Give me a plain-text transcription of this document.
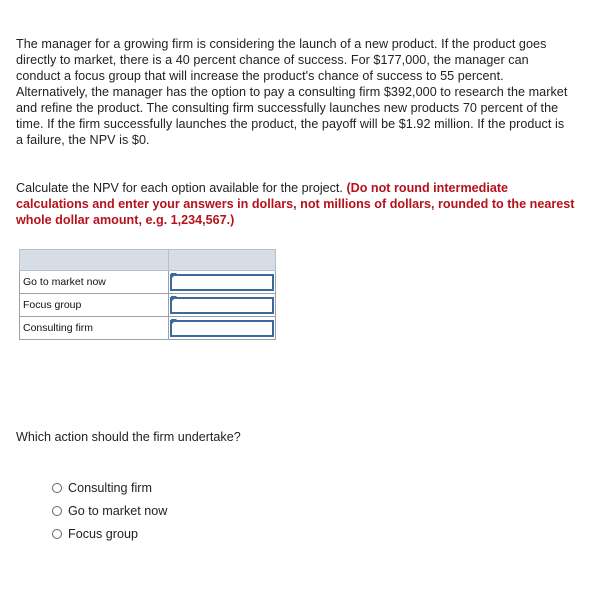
The manager for a growing firm is considering the launch of a new product. If the product goes directly to market, there is a 40 percent chance of success. For $177,000, the manager can conduct a focus group that will increase the product's chance of success to 55 percent. Alternatively, the manager has the option to pay a consulting firm $392,000 to research the market and refine the product. The consulting firm successfully launches new products 70 percent of the time. If the firm successfully launches the product, the payoff will be $1.92 million. If the product is a failure, the NPV is $0.
Calculate the NPV for each option available for the project. (Do not round intermediate calculations and enter your answers in dollars, not millions of dollars, rounded to the nearest whole dollar amount, e.g. 1,234,567.)

Go to market now	

Focus group	

Consulting firm	
Which action should the firm undertake?
Consulting firm
Go to market now
Focus group
